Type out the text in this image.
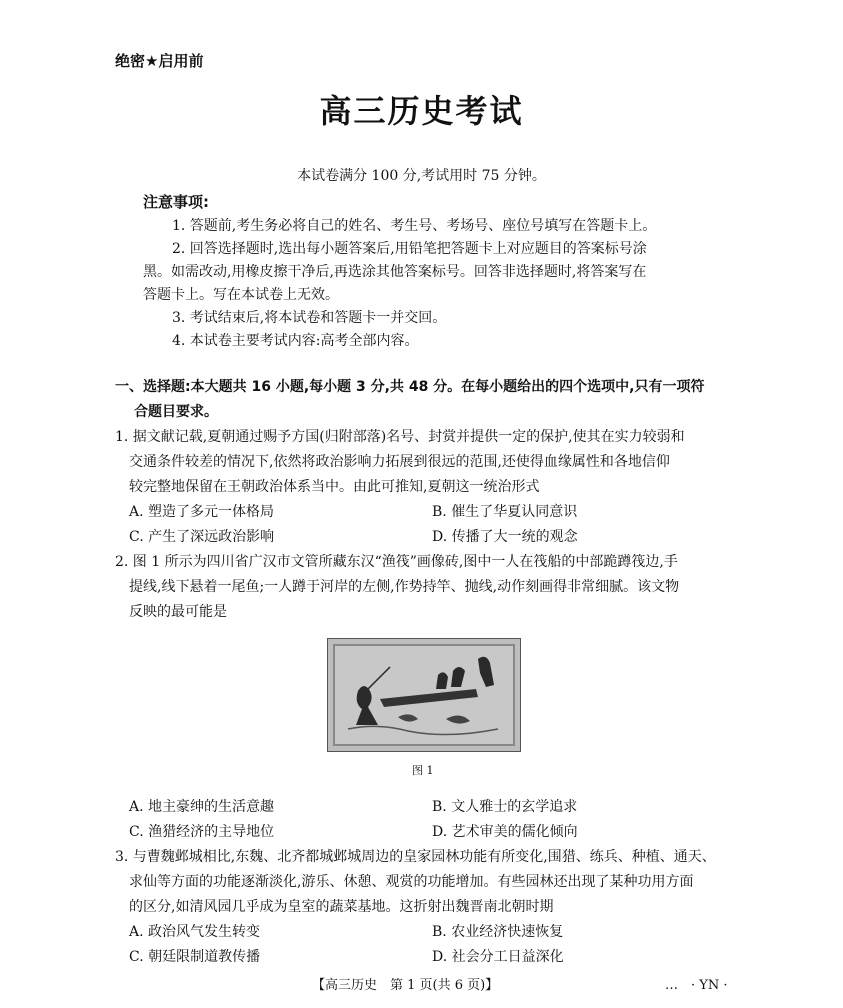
绝密★启用前
高三历史考试
本试卷满分 100 分,考试用时 75 分钟。
注意事项:
1. 答题前,考生务必将自己的姓名、考生号、考场号、座位号填写在答题卡上。
2. 回答选择题时,选出每小题答案后,用铅笔把答题卡上对应题目的答案标号涂
黑。如需改动,用橡皮擦干净后,再选涂其他答案标号。回答非选择题时,将答案写在
答题卡上。写在本试卷上无效。
3. 考试结束后,将本试卷和答题卡一并交回。
4. 本试卷主要考试内容:高考全部内容。
一、选择题:本大题共 16 小题,每小题 3 分,共 48 分。在每小题给出的四个选项中,只有一项符
合题目要求。
1. 据文献记载,夏朝通过赐予方国(归附部落)名号、封赏并提供一定的保护,使其在实力较弱和
交通条件较差的情况下,依然将政治影响力拓展到很远的范围,还使得血缘属性和各地信仰
较完整地保留在王朝政治体系当中。由此可推知,夏朝这一统治形式
A. 塑造了多元一体格局	B. 催生了华夏认同意识
C. 产生了深远政治影响	D. 传播了大一统的观念
2. 图 1 所示为四川省广汉市文管所藏东汉“渔筏”画像砖,图中一人在筏船的中部跪蹲筏边,手
提线,线下悬着一尾鱼;一人蹲于河岸的左侧,作势持竿、抛线,动作刻画得非常细腻。该文物
反映的最可能是
图 1
A. 地主豪绅的生活意趣	B. 文人雅士的玄学追求
C. 渔猎经济的主导地位	D. 艺术审美的儒化倾向
3. 与曹魏邺城相比,东魏、北齐都城邺城周边的皇家园林功能有所变化,围猎、练兵、种植、通天、
求仙等方面的功能逐渐淡化,游乐、休憩、观赏的功能增加。有些园林还出现了某种功用方面
的区分,如清风园几乎成为皇室的蔬菜基地。这折射出魏晋南北朝时期
A. 政治风气发生转变	B. 农业经济快速恢复
C. 朝廷限制道教传播	D. 社会分工日益深化
【高三历史　第 1 页(共 6 页)】	…　· YN ·
